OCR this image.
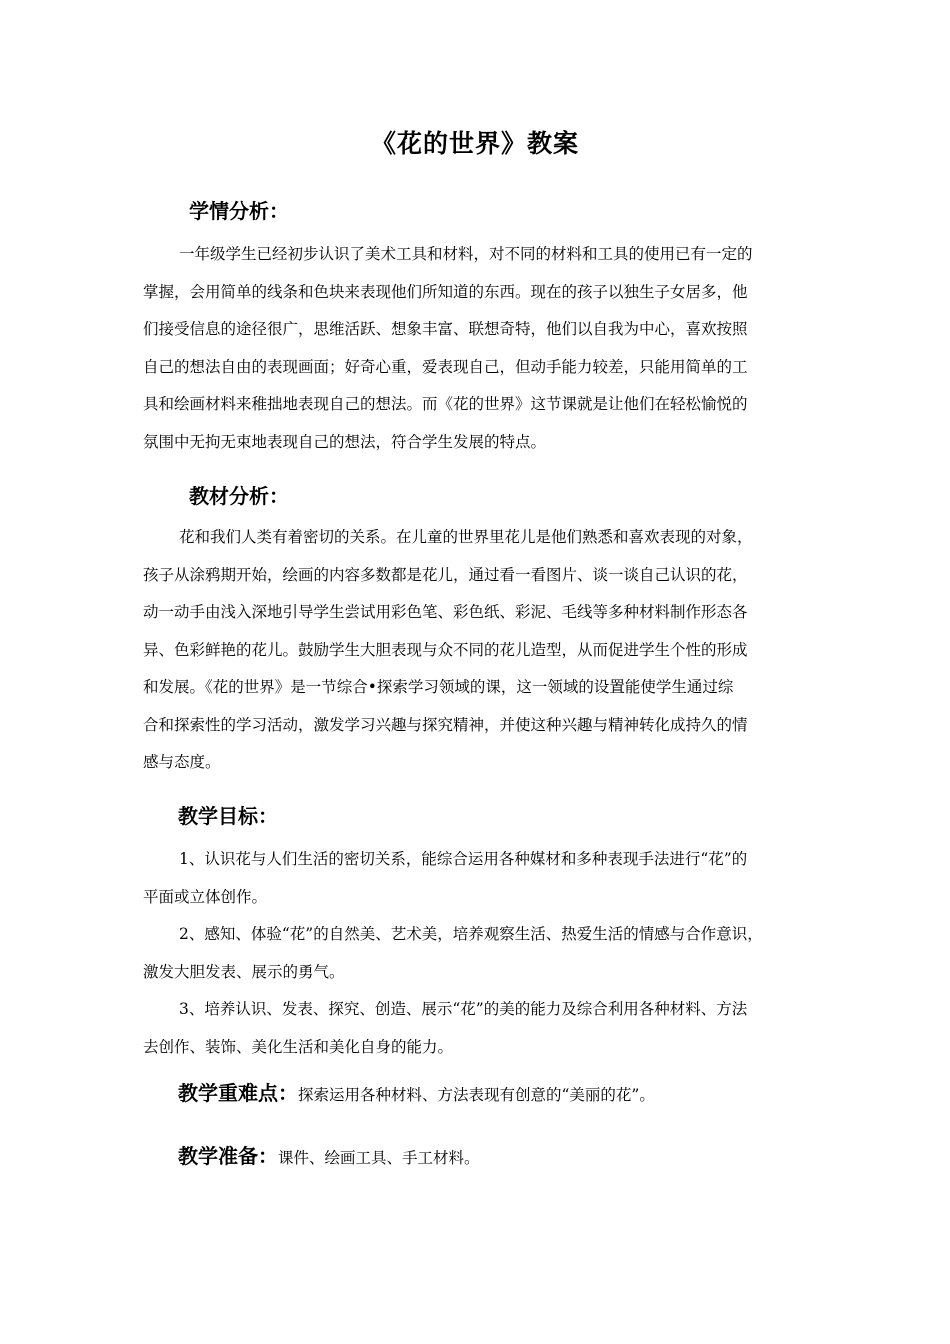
《花的世界》教案
学情分析：
一年级学生已经初步认识了美术工具和材料，对不同的材料和工具的使用已有一定的
掌握，会用简单的线条和色块来表现他们所知道的东西。现在的孩子以独生子女居多，他
们接受信息的途径很广，思维活跃、想象丰富、联想奇特，他们以自我为中心，喜欢按照
自己的想法自由的表现画面；好奇心重，爱表现自己，但动手能力较差，只能用简单的工
具和绘画材料来稚拙地表现自己的想法。而《花的世界》这节课就是让他们在轻松愉悦的
氛围中无拘无束地表现自己的想法，符合学生发展的特点。
教材分析：
花和我们人类有着密切的关系。在儿童的世界里花儿是他们熟悉和喜欢表现的对象，
孩子从涂鸦期开始，绘画的内容多数都是花儿，通过看一看图片、谈一谈自己认识的花，
动一动手由浅入深地引导学生尝试用彩色笔、彩色纸、彩泥、毛线等多种材料制作形态各
异、色彩鲜艳的花儿。鼓励学生大胆表现与众不同的花儿造型，从而促进学生个性的形成
和发展。《花的世界》是一节综合•探索学习领域的课，这一领域的设置能使学生通过综
合和探索性的学习活动，激发学习兴趣与探究精神，并使这种兴趣与精神转化成持久的情
感与态度。
教学目标：
1、认识花与人们生活的密切关系，能综合运用各种媒材和多种表现手法进行“花”的
平面或立体创作。
2、感知、体验“花”的自然美、艺术美，培养观察生活、热爱生活的情感与合作意识，
激发大胆发表、展示的勇气。
3、培养认识、发表、探究、创造、展示“花”的美的能力及综合利用各种材料、方法
去创作、装饰、美化生活和美化自身的能力。
教学重难点：探索运用各种材料、方法表现有创意的“美丽的花”。
教学准备：课件、绘画工具、手工材料。
